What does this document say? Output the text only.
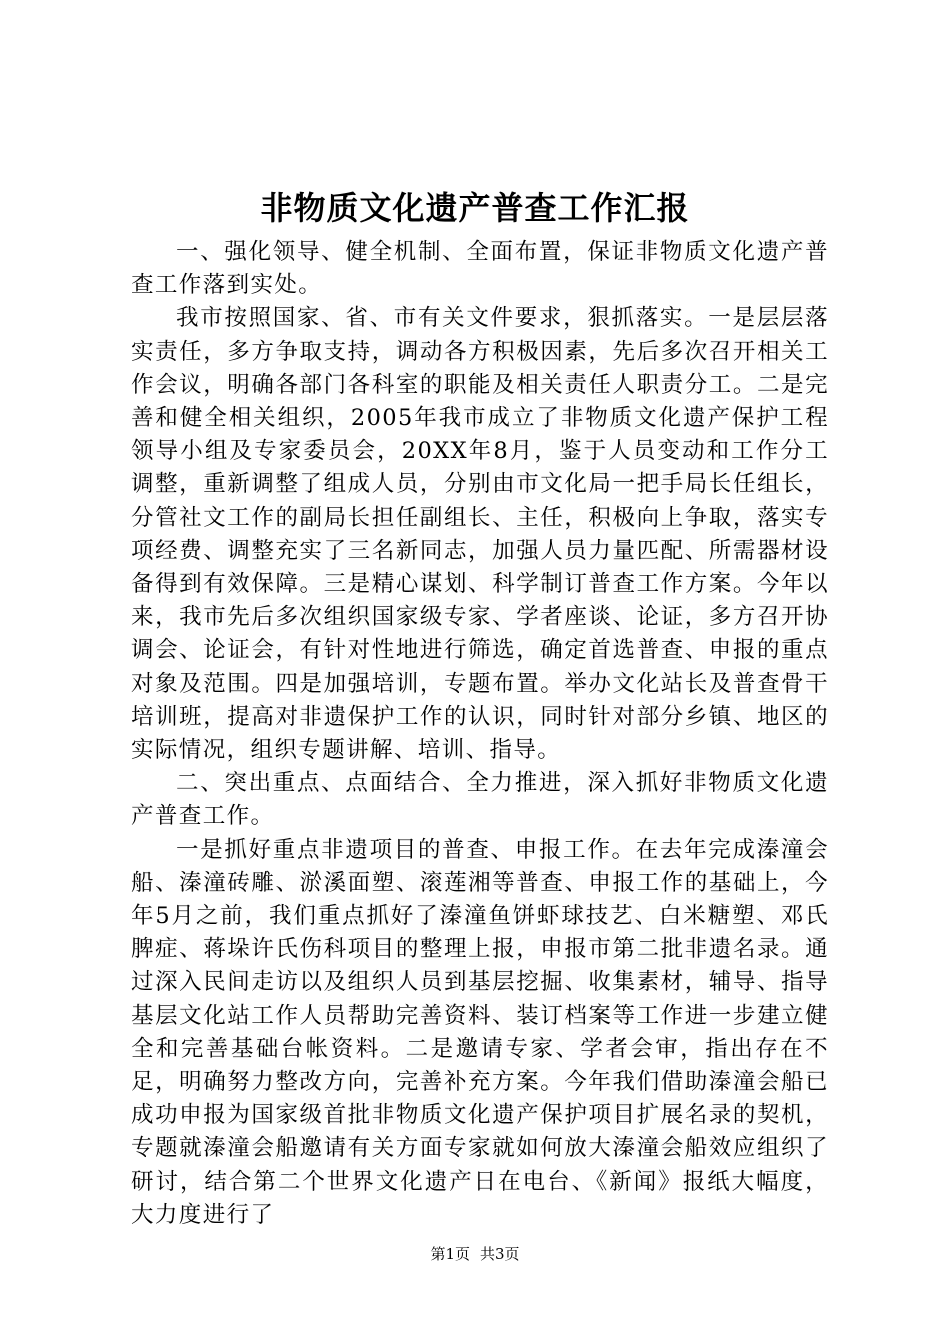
非物质文化遗产普查工作汇报

一、强化领导、健全机制、全面布置，保证非物质文化遗产普查工作落到实处。

我市按照国家、省、市有关文件要求，狠抓落实。一是层层落实责任，多方争取支持，调动各方积极因素，先后多次召开相关工作会议，明确各部门各科室的职能及相关责任人职责分工。二是完善和健全相关组织，2005年我市成立了非物质文化遗产保护工程领导小组及专家委员会，20XX年8月，鉴于人员变动和工作分工调整，重新调整了组成人员，分别由市文化局一把手局长任组长，分管社文工作的副局长担任副组长、主任，积极向上争取，落实专项经费、调整充实了三名新同志，加强人员力量匹配、所需器材设备得到有效保障。三是精心谋划、科学制订普查工作方案。今年以来，我市先后多次组织国家级专家、学者座谈、论证，多方召开协调会、论证会，有针对性地进行筛选，确定首选普查、申报的重点对象及范围。四是加强培训，专题布置。举办文化站长及普查骨干培训班，提高对非遗保护工作的认识，同时针对部分乡镇、地区的实际情况，组织专题讲解、培训、指导。

二、突出重点、点面结合、全力推进，深入抓好非物质文化遗产普查工作。

一是抓好重点非遗项目的普查、申报工作。在去年完成溱潼会船、溱潼砖雕、淤溪面塑、滚莲湘等普查、申报工作的基础上，今年5月之前，我们重点抓好了溱潼鱼饼虾球技艺、白米糖塑、邓氏脾症、蒋垛许氏伤科项目的整理上报，申报市第二批非遗名录。通过深入民间走访以及组织人员到基层挖掘、收集素材，辅导、指导基层文化站工作人员帮助完善资料、装订档案等工作进一步建立健全和完善基础台帐资料。二是邀请专家、学者会审，指出存在不足，明确努力整改方向，完善补充方案。今年我们借助溱潼会船已成功申报为国家级首批非物质文化遗产保护项目扩展名录的契机，专题就溱潼会船邀请有关方面专家就如何放大溱潼会船效应组织了研讨，结合第二个世界文化遗产日在电台、《新闻》报纸大幅度，大力度进行了

第1页 共3页
